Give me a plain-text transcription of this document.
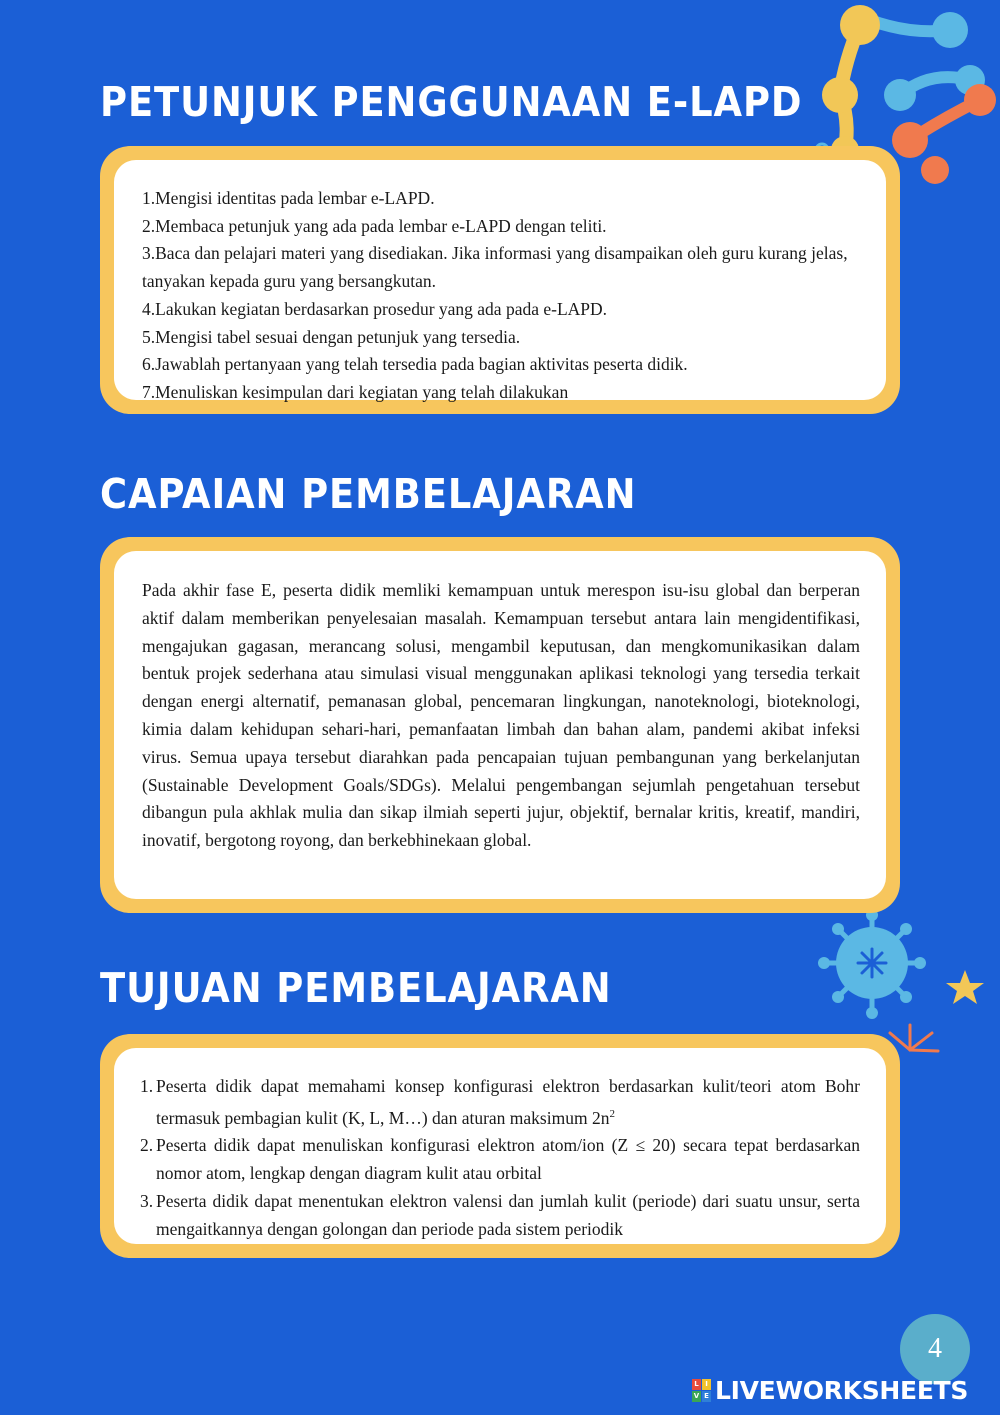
PETUNJUK PENGGUNAAN E-LAPD
1.Mengisi identitas pada lembar e-LAPD.
2.Membaca petunjuk yang ada pada lembar e-LAPD dengan teliti.
3.Baca dan pelajari materi yang disediakan. Jika informasi yang disampaikan oleh guru kurang jelas,
tanyakan kepada guru yang bersangkutan.
4.Lakukan kegiatan berdasarkan prosedur yang ada pada e-LAPD.
5.Mengisi tabel sesuai dengan petunjuk yang tersedia.
6.Jawablah pertanyaan yang telah tersedia pada bagian aktivitas peserta didik.
7.Menuliskan kesimpulan dari kegiatan yang telah dilakukan
CAPAIAN PEMBELAJARAN

Pada akhir fase E, peserta didik memliki kemampuan untuk merespon isu-isu global dan berperan aktif dalam memberikan penyelesaian masalah. Kemampuan tersebut antara lain mengidentifikasi, mengajukan gagasan, merancang solusi, mengambil keputusan, dan mengkomunikasikan dalam bentuk projek sederhana atau simulasi visual menggunakan aplikasi teknologi yang tersedia terkait dengan energi alternatif, pemanasan global, pencemaran lingkungan, nanoteknologi, bioteknologi, kimia dalam kehidupan sehari-hari, pemanfaatan limbah dan bahan alam, pandemi akibat infeksi virus. Semua upaya tersebut diarahkan pada pencapaian tujuan pembangunan yang berkelanjutan (Sustainable Development Goals/SDGs). Melalui pengembangan sejumlah pengetahuan tersebut dibangun pula akhlak mulia dan sikap ilmiah seperti jujur, objektif, bernalar kritis, kreatif, mandiri, inovatif, bergotong royong, dan berkebhinekaan global.

TUJUAN PEMBELAJARAN
1. Peserta didik dapat memahami konsep konfigurasi elektron berdasarkan kulit/teori atom Bohr termasuk pembagian kulit (K, L, M…) dan aturan maksimum $2n^2$
2. Peserta didik dapat menuliskan konfigurasi elektron atom/ion (Z ≤ 20) secara tepat berdasarkan nomor atom, lengkap dengan diagram kulit atau orbital
3. Peserta didik dapat menentukan elektron valensi dan jumlah kulit (periode) dari suatu unsur, serta mengaitkannya dengan golongan dan periode pada sistem periodik
4
L I
V E LIVEWORKSHEETS
